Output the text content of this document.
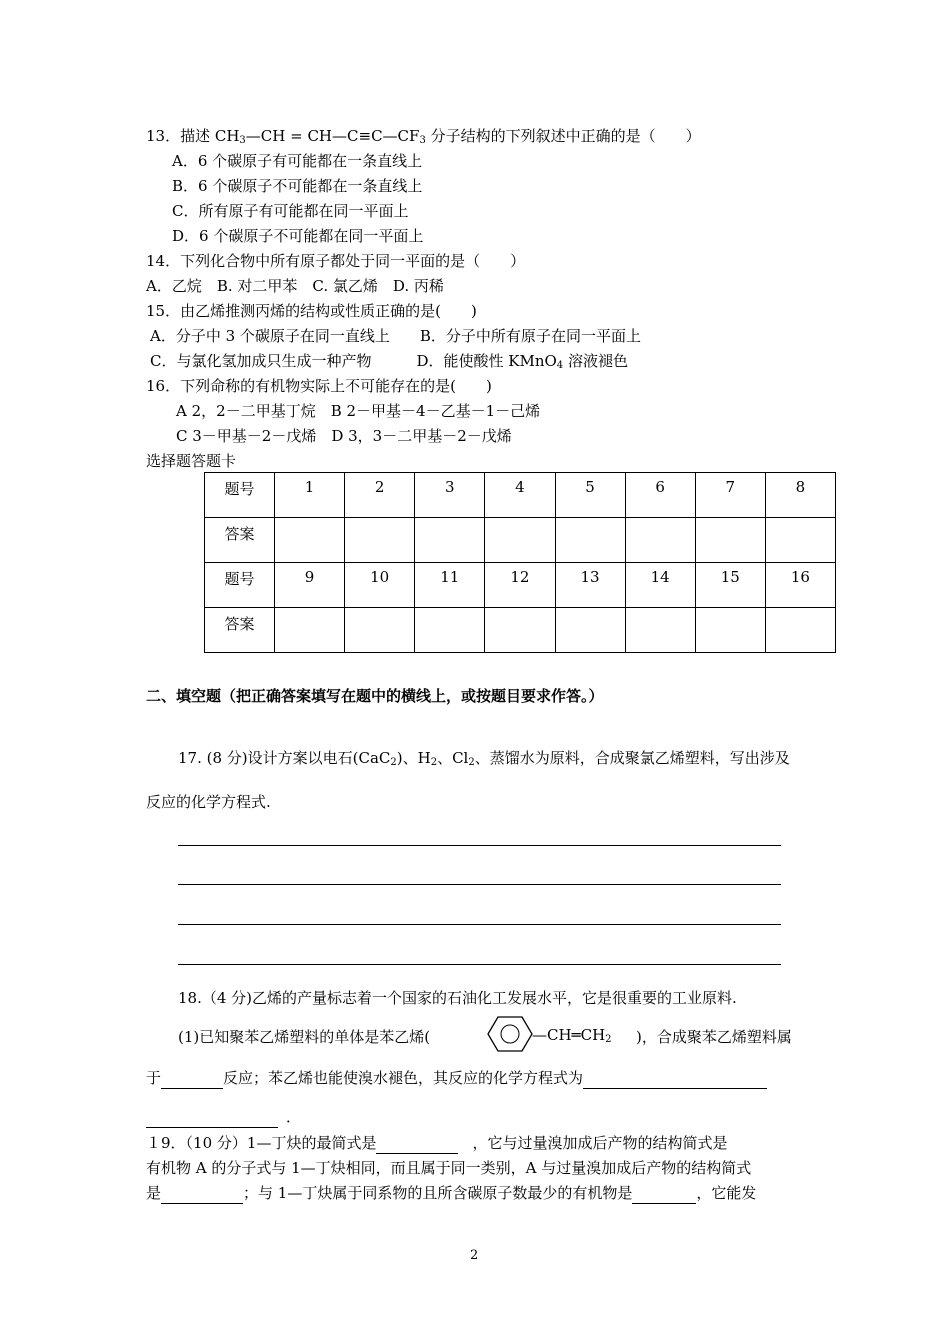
13．描述 $CH_3—CH$ = $CH—C\equiv C—CF_3$ 分子结构的下列叙述中正确的是（　　）
A．6 个碳原子有可能都在一条直线上
B．6 个碳原子不可能都在一条直线上
C．所有原子有可能都在同一平面上
D．6 个碳原子不可能都在同一平面上
14．下列化合物中所有原子都处于同一平面的是（　　）
A．乙烷　B. 对二甲苯　C. 氯乙烯　D. 丙稀
15．由乙烯推测丙烯的结构或性质正确的是(　　)
A．分子中 3 个碳原子在同一直线上　　B．分子中所有原子在同一平面上
C．与氯化氢加成只生成一种产物　　　D．能使酸性 KMnO$_4$ 溶液褪色
16．下列命称的有机物实际上不可能存在的是(　　)
A 2，2－二甲基丁烷　B 2－甲基－4－乙基－1－己烯
C 3－甲基－2－戊烯　D 3，3－二甲基－2－戊烯
选择题答题卡
题号	1	2	3	4	5	6	7	8
答案								
题号	9	10	11	12	13	14	15	16
答案								
二、填空题（把正确答案填写在题中的横线上，或按题目要求作答。）
17. (8 分)设计方案以电石(CaC$_2$)、$H_2$、$Cl_2$、蒸馏水为原料，合成聚氯乙烯塑料，写出涉及
反应的化学方程式.
18.（4 分)乙烯的产量标志着一个国家的石油化工发展水平，它是很重要的工业原料.
(1)已知聚苯乙烯塑料的单体是苯乙烯(	$—CH═CH_2$ )，合成聚苯乙烯塑料属
于	反应；苯乙烯也能使溴水褪色，其反应的化学方程式为
．
１9．（10 分）1—丁炔的最简式是	，它与过量溴加成后产物的结构简式是
有机物 A 的分子式与 1—丁炔相同，而且属于同一类别，A 与过量溴加成后产物的结构简式
是	；与 1—丁炔属于同系物的且所含碳原子数最少的有机物是	，它能发
2
